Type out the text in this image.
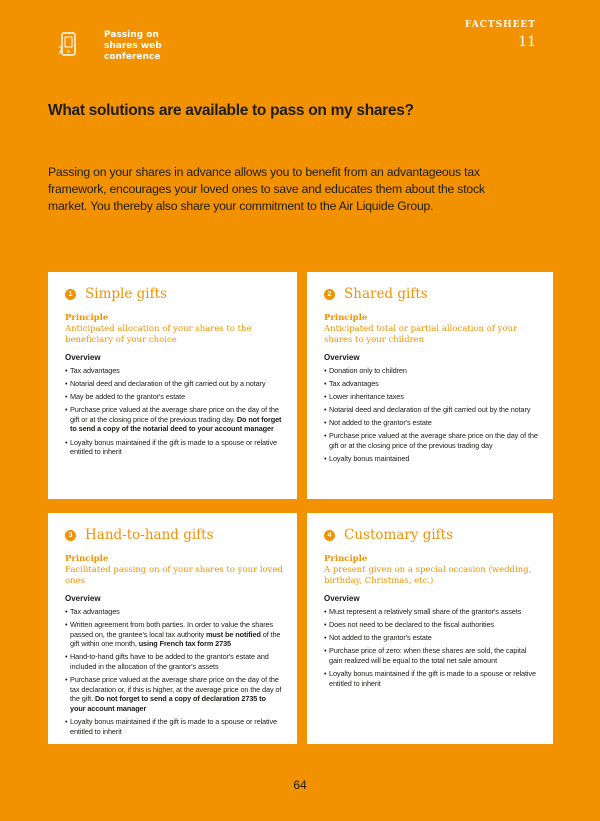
Passing on
shares web
conference
FACTSHEET
11
What solutions are available to pass on my shares?

Passing on your shares in advance allows you to benefit from an advantageous tax framework, encourages your loved ones to save and educates them about the stock market. You thereby also share your commitment to the Air Liquide Group.

1 Simple gifts
Principle
Anticipated allocation of your shares to the beneficiary of your choice
Overview
• Tax advantages
• Notarial deed and declaration of the gift carried out by a notary
• May be added to the grantor's estate
• Purchase price valued at the average share price on the day of the gift or at the closing price of the previous trading day. Do not forget to send a copy of the notarial deed to your account manager
• Loyalty bonus maintained if the gift is made to a spouse or relative entitled to inherit
2 Shared gifts
Principle
Anticipated total or partial allocation of your shares to your children
Overview
• Donation only to children
• Tax advantages
• Lower inheritance taxes
• Notarial deed and declaration of the gift carried out by the notary
• Not added to the grantor's estate
• Purchase price valued at the average share price on the day of the gift or at the closing price of the previous trading day
• Loyalty bonus maintained
3 Hand-to-hand gifts
Principle
Facilitated passing on of your shares to your loved ones
Overview
• Tax advantages
• Written agreement from both parties. In order to value the shares passed on, the grantee's local tax authority must be notified of the gift within one month, using French tax form 2735
• Hand-to-hand gifts have to be added to the grantor's estate and included in the allocation of the grantor's assets
• Purchase price valued at the average share price on the day of the tax declaration or, if this is higher, at the average price on the day of the gift. Do not forget to send a copy of declaration 2735 to your account manager
• Loyalty bonus maintained if the gift is made to a spouse or relative entitled to inherit
4 Customary gifts
Principle
A present given on a special occasion (wedding, birthday, Christmas, etc.)
Overview
• Must represent a relatively small share of the grantor's assets
• Does not need to be declared to the fiscal authorities
• Not added to the grantor's estate
• Purchase price of zero: when these shares are sold, the capital gain realized will be equal to the total net sale amount
• Loyalty bonus maintained if the gift is made to a spouse or relative entitled to inherit
64
